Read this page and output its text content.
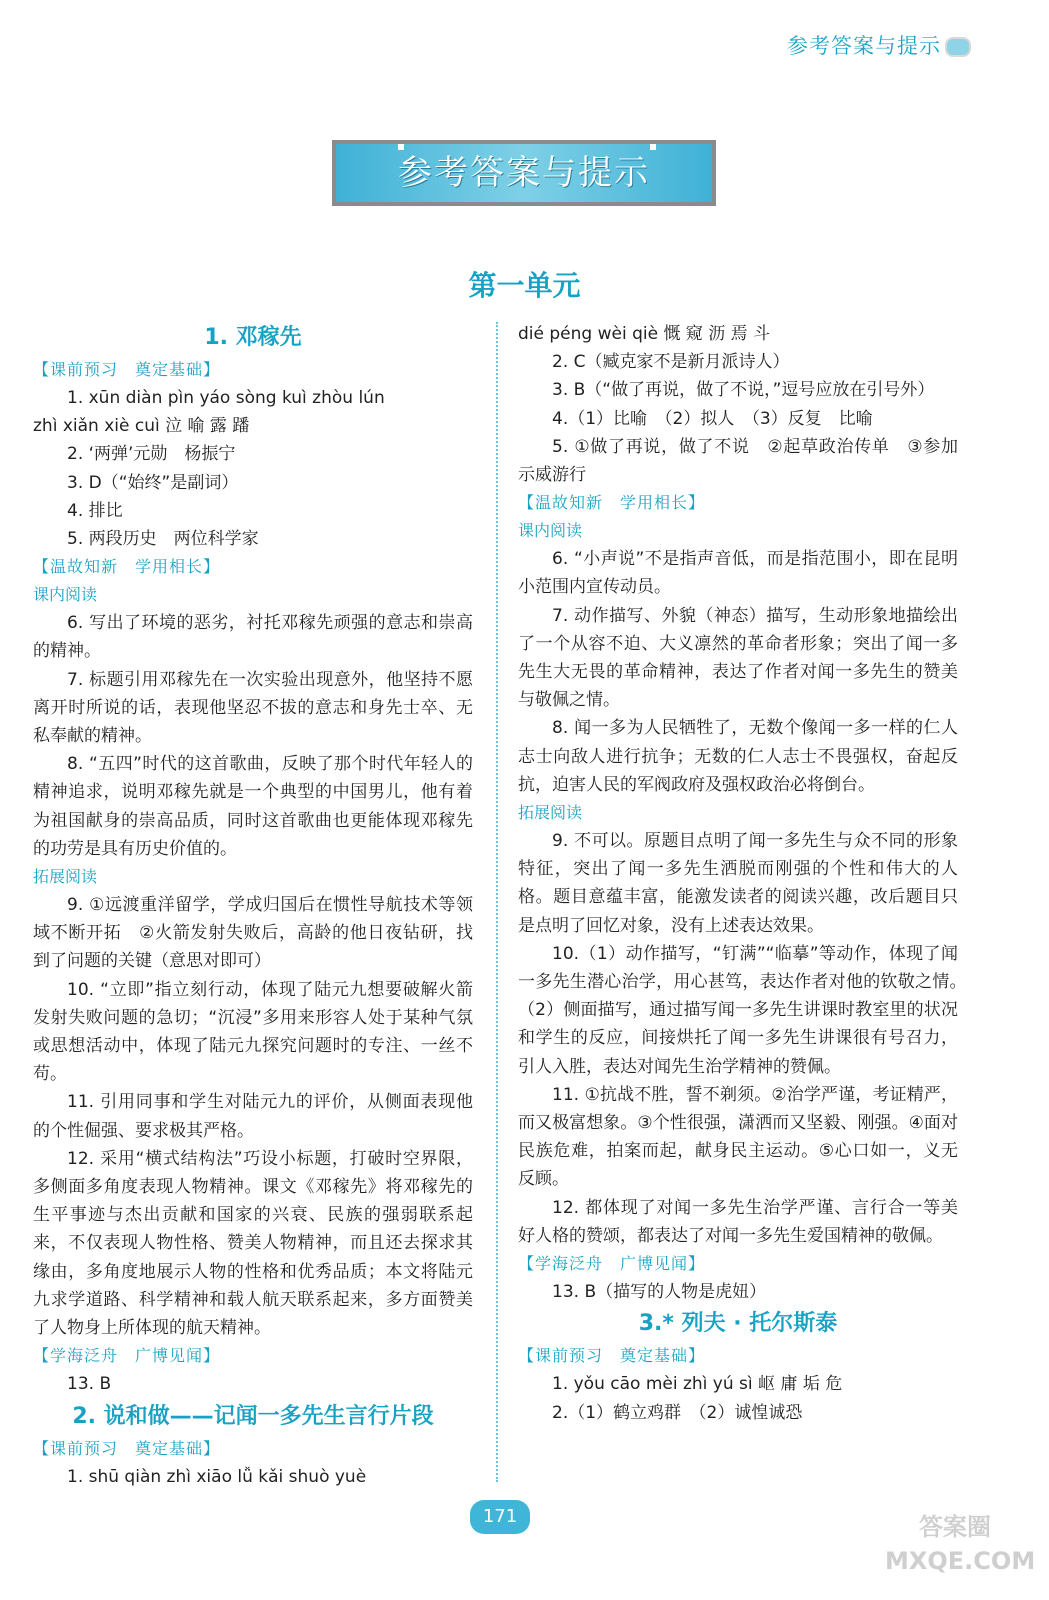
参考答案与提示
参考答案与提示
第一单元
1. 邓稼先
【课前预习　奠定基础】
1. xūn diàn pìn yáo sòng kuì zhòu lún
zhì xiǎn xiè cuì 泣 喻 露 蹯
2. ‘两弹’元勋　杨振宁
3. D（“始终”是副词）
4. 排比
5. 两段历史　两位科学家
【温故知新　学用相长】
课内阅读
6. 写出了环境的恶劣，衬托邓稼先顽强的意志和崇高的精神。
7. 标题引用邓稼先在一次实验出现意外，他坚持不愿离开时所说的话，表现他坚忍不拔的意志和身先士卒、无私奉献的精神。
8. “五四”时代的这首歌曲，反映了那个时代年轻人的精神追求，说明邓稼先就是一个典型的中国男儿，他有着为祖国献身的崇高品质，同时这首歌曲也更能体现邓稼先的功劳是具有历史价值的。
拓展阅读
9. ①远渡重洋留学，学成归国后在惯性导航技术等领域不断开拓　②火箭发射失败后，高龄的他日夜钻研，找到了问题的关键（意思对即可）
10. “立即”指立刻行动，体现了陆元九想要破解火箭发射失败问题的急切；“沉浸”多用来形容人处于某种气氛或思想活动中，体现了陆元九探究问题时的专注、一丝不苟。
11. 引用同事和学生对陆元九的评价，从侧面表现他的个性倔强、要求极其严格。
12. 采用“横式结构法”巧设小标题，打破时空界限，多侧面多角度表现人物精神。课文《邓稼先》将邓稼先的生平事迹与杰出贡献和国家的兴衰、民族的强弱联系起来，不仅表现人物性格、赞美人物精神，而且还去探求其缘由，多角度地展示人物的性格和优秀品质；本文将陆元九求学道路、科学精神和载人航天联系起来，多方面赞美了人物身上所体现的航天精神。
【学海泛舟　广博见闻】
13. B
2. 说和做——记闻一多先生言行片段
【课前预习　奠定基础】
1. shū qiàn zhì xiāo lǚ kǎi shuò yuè
dié péng wèi qiè 慨 窥 沥 焉 斗
2. C（臧克家不是新月派诗人）
3. B（“做了再说，做了不说，”逗号应放在引号外）
4.（1）比喻　（2）拟人　（3）反复　比喻
5. ①做了再说，做了不说　②起草政治传单　③参加示威游行
【温故知新　学用相长】
课内阅读
6. “小声说”不是指声音低，而是指范围小，即在昆明小范围内宣传动员。
7. 动作描写、外貌（神态）描写，生动形象地描绘出了一个从容不迫、大义凛然的革命者形象；突出了闻一多先生大无畏的革命精神，表达了作者对闻一多先生的赞美与敬佩之情。
8. 闻一多为人民牺牲了，无数个像闻一多一样的仁人志士向敌人进行抗争；无数的仁人志士不畏强权，奋起反抗，迫害人民的军阀政府及强权政治必将倒台。
拓展阅读
9. 不可以。原题目点明了闻一多先生与众不同的形象特征，突出了闻一多先生洒脱而刚强的个性和伟大的人格。题目意蕴丰富，能激发读者的阅读兴趣，改后题目只是点明了回忆对象，没有上述表达效果。
10.（1）动作描写，“钉满”“临摹”等动作，体现了闻一多先生潜心治学，用心甚笃，表达作者对他的钦敬之情。　（2）侧面描写，通过描写闻一多先生讲课时教室里的状况和学生的反应，间接烘托了闻一多先生讲课很有号召力，引人入胜，表达对闻先生治学精神的赞佩。
11. ①抗战不胜，誓不剃须。②治学严谨，考证精严，而又极富想象。③个性很强，潇洒而又坚毅、刚强。④面对民族危难，拍案而起，献身民主运动。⑤心口如一，义无反顾。
12. 都体现了对闻一多先生治学严谨、言行合一等美好人格的赞颂，都表达了对闻一多先生爱国精神的敬佩。
【学海泛舟　广博见闻】
13. B（描写的人物是虎妞）
3.* 列夫 · 托尔斯泰
【课前预习　奠定基础】
1. yǒu cāo mèi zhì yú sì 岖 庸 垢 危
2.（1）鹤立鸡群　（2）诚惶诚恐
171	答案圈
MXQE.COM
